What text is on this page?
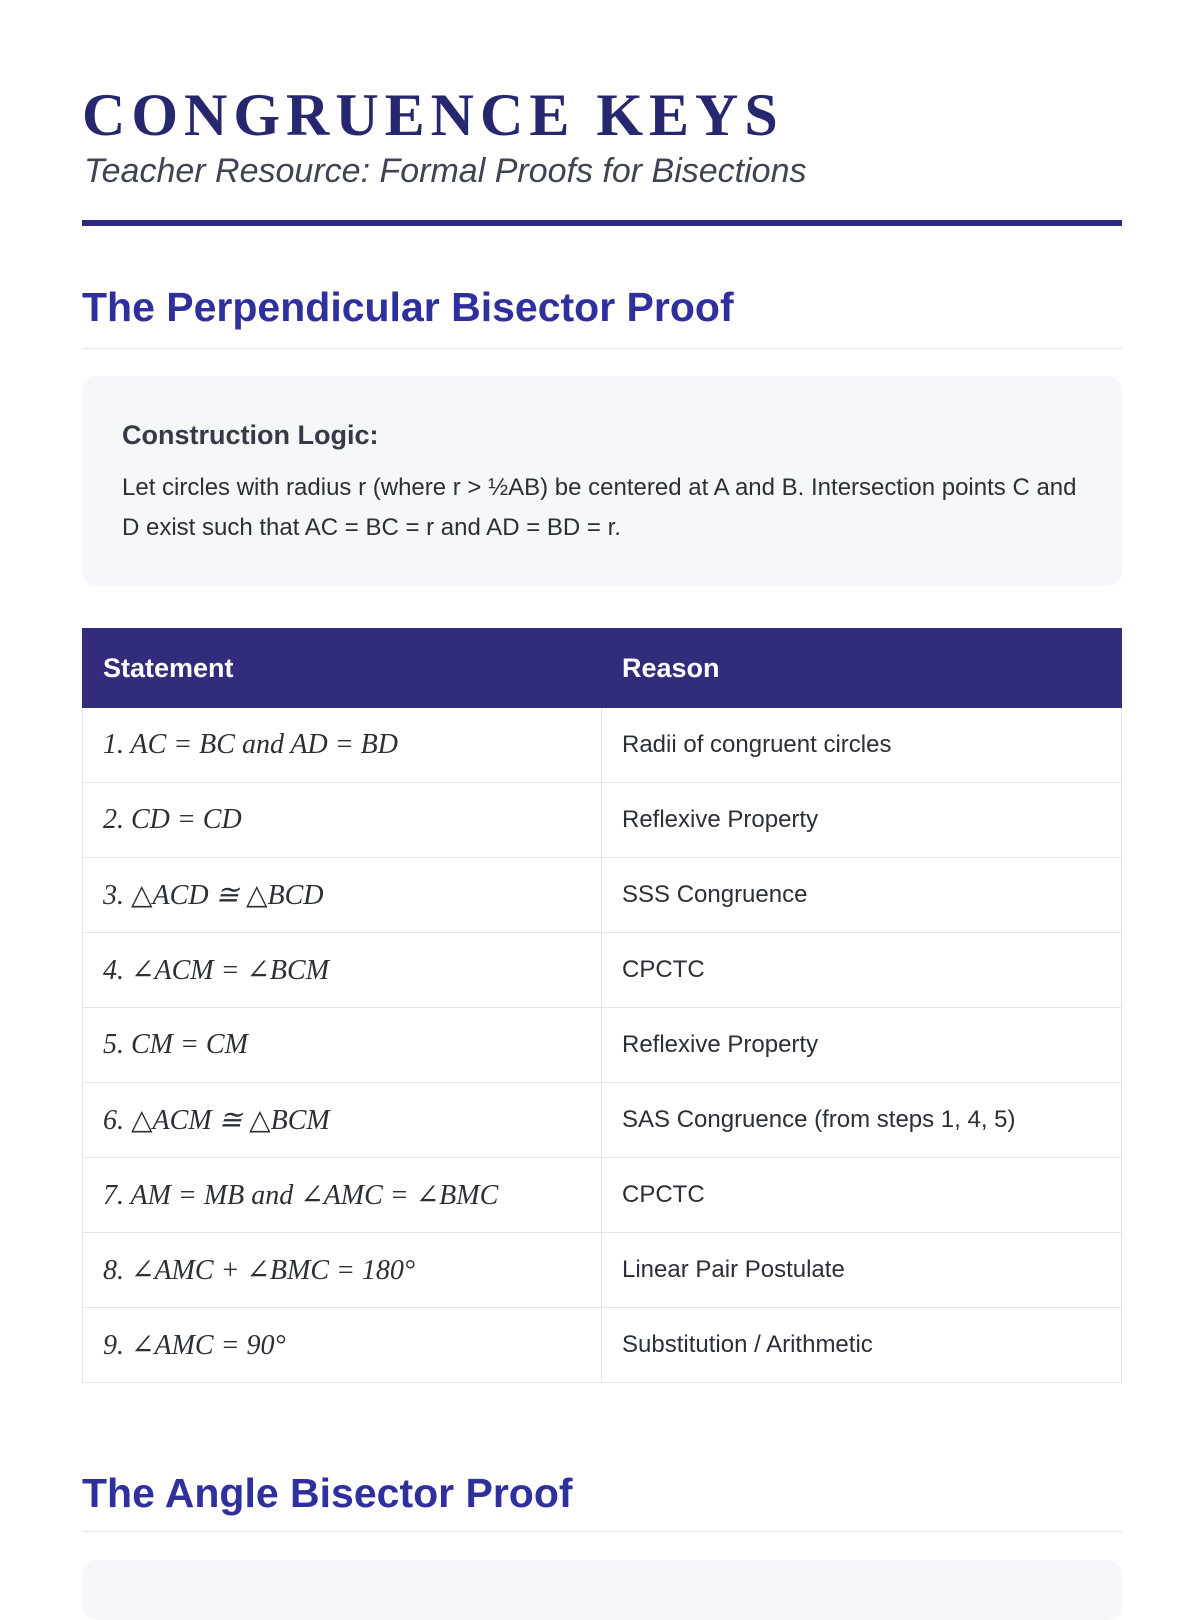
CONGRUENCE KEYS

Teacher Resource: Formal Proofs for Bisections

The Perpendicular Bisector Proof
Construction Logic:

Let circles with radius r (where r > ½AB) be centered at A and B. Intersection points C and D exist such that AC = BC = r and AD = BD = r.

Statement	Reason
1. AC = BC and AD = BD	Radii of congruent circles
2. CD = CD	Reflexive Property
3. △ACD ≅ △BCD	SSS Congruence
4. ∠ACM = ∠BCM	CPCTC
5. CM = CM	Reflexive Property
6. △ACM ≅ △BCM	SAS Congruence (from steps 1, 4, 5)
7. AM = MB and ∠AMC = ∠BMC	CPCTC
8. ∠AMC + ∠BMC = 180°	Linear Pair Postulate
9. ∠AMC = 90°	Substitution / Arithmetic
The Angle Bisector Proof
